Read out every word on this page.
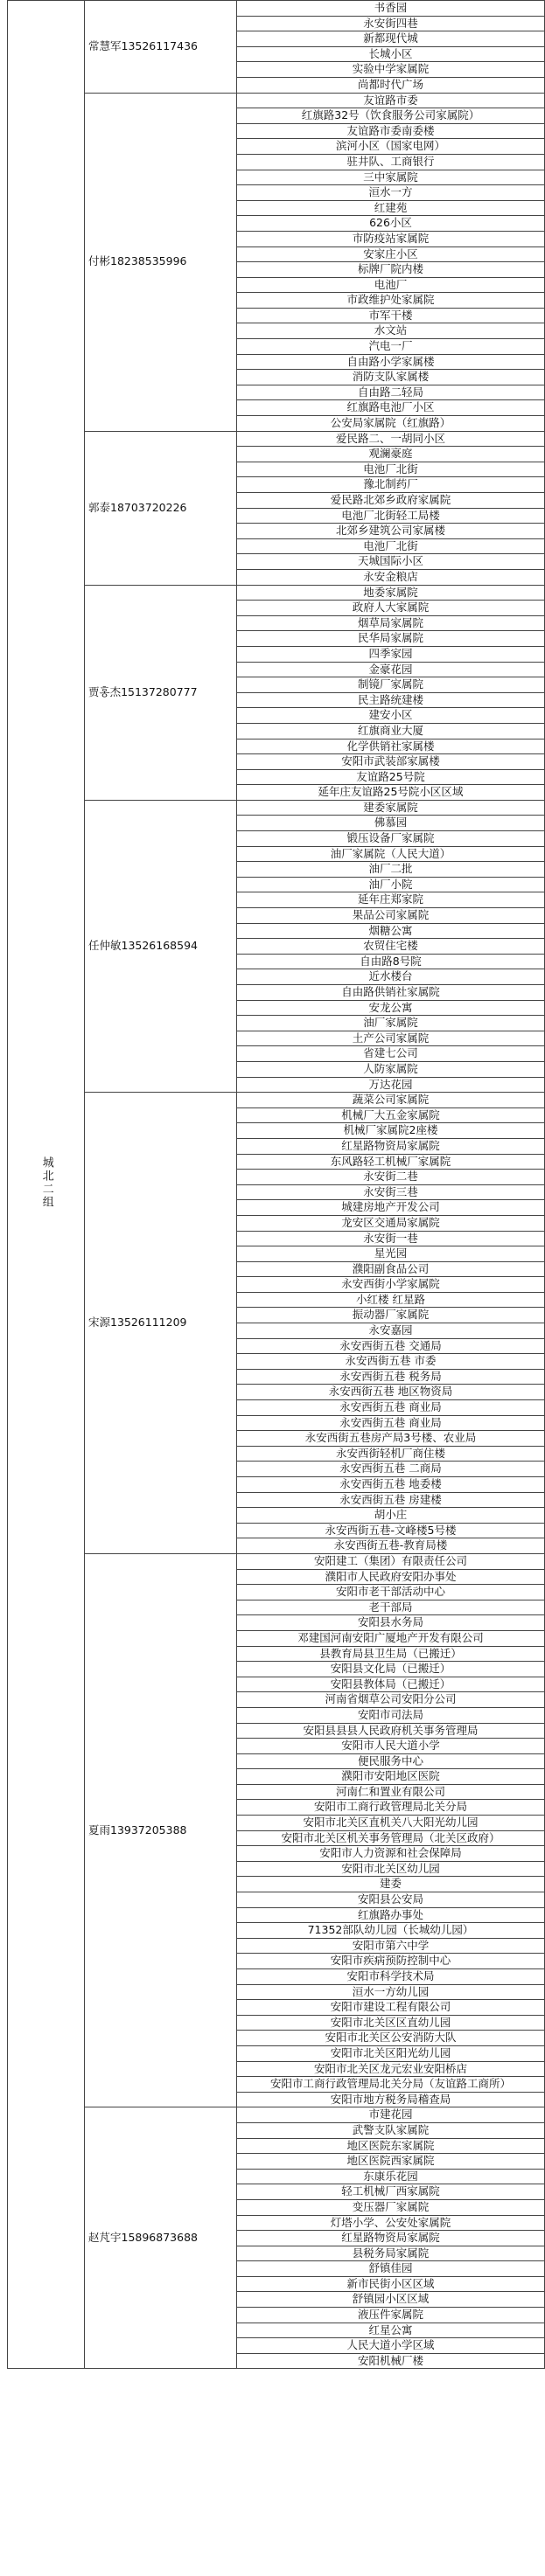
城北二组	常慧军13526117436	书香园
		永安街四巷
		新都现代城
		长城小区
		实验中学家属院
		尚都时代广场
	付彬18238535996	友谊路市委
		红旗路32号（饮食服务公司家属院）
		友谊路市委南委楼
		滨河小区（国家电网）
		驻井队、工商银行
		三中家属院
		洹水一方
		红建苑
		626小区
		市防疫站家属院
		安家庄小区
		标牌厂院内楼
		电池厂
		市政维护处家属院
		市军干楼
		水文站
		汽电一厂
		自由路小学家属楼
		消防支队家属楼
		自由路二轻局
		红旗路电池厂小区
		公安局家属院（红旗路）
	郭泰18703720226	爱民路二、一胡同小区
		观澜豪庭
		电池厂北街
		豫北制药厂
		爱民路北郊乡政府家属院
		电池厂北街轻工局楼
		北郊乡建筑公司家属楼
		电池厂北街
		天城国际小区
		永安金粮店
	贾홍杰15137280777	地委家属院
		政府人大家属院
		烟草局家属院
		民华局家属院
		四季家园
		金豪花园
		制镜厂家属院
		民主路统建楼
		建安小区
		红旗商业大厦
		化学供销社家属楼
		安阳市武装部家属楼
		友谊路25号院
		延年庄友谊路25号院小区区域
	任仲敏13526168594	建委家属院
		佛慕园
		锻压设备厂家属院
		油厂家属院（人民大道）
		油厂二批
		油厂小院
		延年庄郑家院
		果品公司家属院
		烟糖公寓
		农贸住宅楼
		自由路8号院
		近水楼台
		自由路供销社家属院
		安龙公寓
		油厂家属院
		土产公司家属院
		省建七公司
		人防家属院
		万达花园
	宋源13526111209	蔬菜公司家属院
		机械厂大五金家属院
		机械厂家属院2座楼
		红星路物资局家属院
		东风路轻工机械厂家属院
		永安街二巷
		永安街三巷
		城建房地产开发公司
		龙安区交通局家属院
		永安街一巷
		星光园
		濮阳副食品公司
		永安西街小学家属院
		小红楼 红星路
		振动器厂家属院
		永安嘉园
		永安西街五巷 交通局
		永安西街五巷 市委
		永安西街五巷 税务局
		永安西街五巷 地区物资局
		永安西街五巷 商业局
		永安西街五巷 商业局
		永安西街五巷房产局3号楼、农业局
		永安西街轻机厂商住楼
		永安西街五巷 二商局
		永安西街五巷 地委楼
		永安西街五巷 房建楼
		胡小庄
		永安西街五巷-文峰楼5号楼
		永安西街五巷-教育局楼
	夏雨13937205388	安阳建工（集团）有限责任公司
		濮阳市人民政府安阳办事处
		安阳市老干部活动中心
		老干部局
		安阳县水务局
		邓建国河南安阳广厦地产开发有限公司
		县教育局县卫生局（已搬迁）
		安阳县文化局（已搬迁）
		安阳县教体局（已搬迁）
		河南省烟草公司安阳分公司
		安阳市司法局
		安阳县县县人民政府机关事务管理局
		安阳市人民大道小学
		便民服务中心
		濮阳市安阳地区医院
		河南仁和置业有限公司
		安阳市工商行政管理局北关分局
		安阳市北关区直机关八大阳光幼儿园
		安阳市北关区机关事务管理局（北关区政府）
		安阳市人力资源和社会保障局
		安阳市北关区幼儿园
		建委
		安阳县公安局
		红旗路办事处
		71352部队幼儿园（长城幼儿园）
		安阳市第六中学
		安阳市疾病预防控制中心
		安阳市科学技术局
		洹水一方幼儿园
		安阳市建设工程有限公司
		安阳市北关区区直幼儿园
		安阳市北关区公安消防大队
		安阳市北关区阳光幼儿园
		安阳市北关区龙元宏业安阳桥店
		安阳市工商行政管理局北关分局（友谊路工商所）
		安阳市地方税务局稽查局
	赵芃宇15896873688	市建花园
		武警支队家属院
		地区医院东家属院
		地区医院西家属院
		东康乐花园
		轻工机械厂西家属院
		变压器厂家属院
		灯塔小学、公安处家属院
		红星路物资局家属院
		县税务局家属院
		舒镇佳园
		新市民街小区区域
		舒镇园小区区域
		液压件家属院
		红星公寓
		人民大道小学区域
		安阳机械厂楼
